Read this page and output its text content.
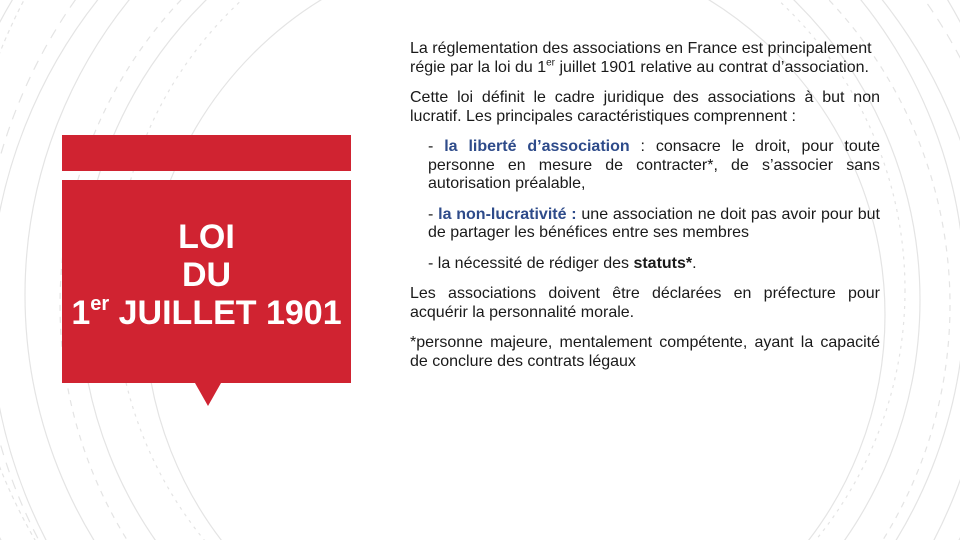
LOI
DU
1er JUILLET 1901

La réglementation des associations en France est principalement régie par la loi du 1er juillet 1901 relative au contrat d’association.

Cette loi définit le cadre juridique des associations à but non lucratif. Les principales caractéristiques comprennent :

- la liberté d’association : consacre le droit, pour toute personne en mesure de contracter*, de s’associer sans autorisation préalable,

- la non-lucrativité : une association ne doit pas avoir pour but de partager les bénéfices entre ses membres

- la nécessité de rédiger des statuts*.

Les associations doivent être déclarées en préfecture pour acquérir la personnalité morale.

*personne majeure, mentalement compétente, ayant la capacité de conclure des contrats légaux
